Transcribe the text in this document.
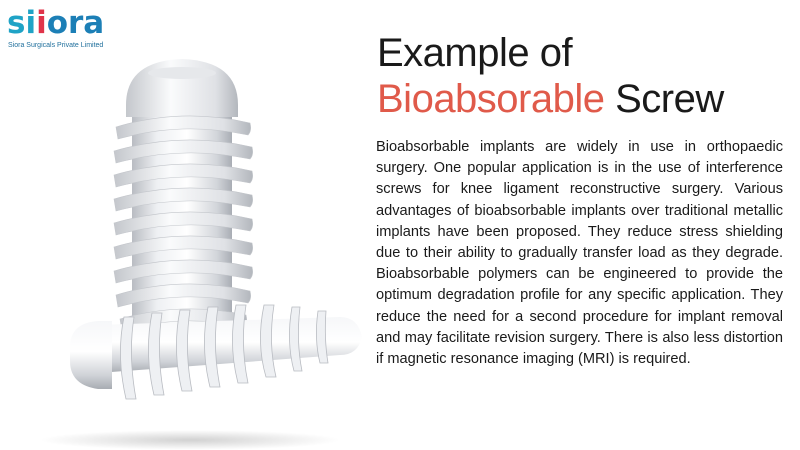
siiora
Siora Surgicals Private Limited	Example of
Bioabsorable Screw

Bioabsorbable implants are widely in use in orthopaedic surgery. One popular application is in the use of interference screws for knee ligament reconstructive surgery. Various advantages of bioabsorbable implants over traditional metallic implants have been proposed. They reduce stress shielding due to their ability to gradually transfer load as they degrade. Bioabsorbable polymers can be engineered to provide the optimum degradation profile for any specific application. They reduce the need for a second procedure for implant removal and may facilitate revision surgery. There is also less distortion if magnetic resonance imaging (MRI) is required.
